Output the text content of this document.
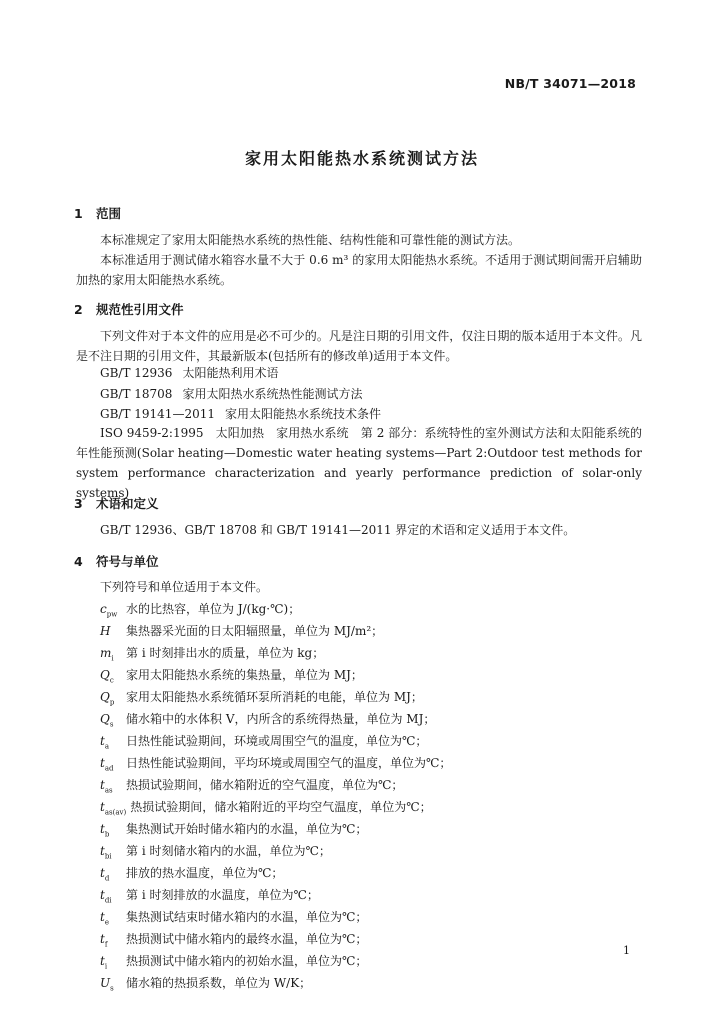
NB/T 34071—2018
家用太阳能热水系统测试方法
1 范围

本标准规定了家用太阳能热水系统的热性能、结构性能和可靠性能的测试方法。

本标准适用于测试储水箱容水量不大于 0.6 m³ 的家用太阳能热水系统。不适用于测试期间需开启辅助加热的家用太阳能热水系统。

2 规范性引用文件

下列文件对于本文件的应用是必不可少的。凡是注日期的引用文件，仅注日期的版本适用于本文件。凡是不注日期的引用文件，其最新版本(包括所有的修改单)适用于本文件。

GB/T 12936 太阳能热利用术语
GB/T 18708 家用太阳热水系统热性能测试方法
GB/T 19141—2011 家用太阳能热水系统技术条件

ISO 9459-2:1995　太阳加热　家用热水系统　第 2 部分：系统特性的室外测试方法和太阳能系统的年性能预测(Solar heating—Domestic water heating systems—Part 2:Outdoor test methods for system performance characterization and yearly performance prediction of solar-only systems)

3 术语和定义

GB/T 12936、GB/T 18708 和 GB/T 19141—2011 界定的术语和定义适用于本文件。

4 符号与单位
下列符号和单位适用于本文件。
$c_{pw}$ 水的比热容，单位为 J/(kg·℃)；
H 集热器采光面的日太阳辐照量，单位为 MJ/m²；
$m_i$ 第 i 时刻排出水的质量，单位为 kg；
$Q_c$ 家用太阳能热水系统的集热量，单位为 MJ；
$Q_p$ 家用太阳能热水系统循环泵所消耗的电能，单位为 MJ；
$Q_s$ 储水箱中的水体积 V，内所含的系统得热量，单位为 MJ；
$t_a$ 日热性能试验期间，环境或周围空气的温度，单位为℃；
$t_{ad}$ 日热性能试验期间，平均环境或周围空气的温度，单位为℃；
$t_{as}$ 热损试验期间，储水箱附近的空气温度，单位为℃；
$t_{as(av)}$ 热损试验期间，储水箱附近的平均空气温度，单位为℃；
$t_b$ 集热测试开始时储水箱内的水温，单位为℃；
$t_{bi}$ 第 i 时刻储水箱内的水温，单位为℃；
$t_d$ 排放的热水温度，单位为℃；
$t_{di}$ 第 i 时刻排放的水温度，单位为℃；
$t_e$ 集热测试结束时储水箱内的水温，单位为℃；
$t_f$ 热损测试中储水箱内的最终水温，单位为℃；
$t_i$ 热损测试中储水箱内的初始水温，单位为℃；
$U_s$ 储水箱的热损系数，单位为 W/K；
1
